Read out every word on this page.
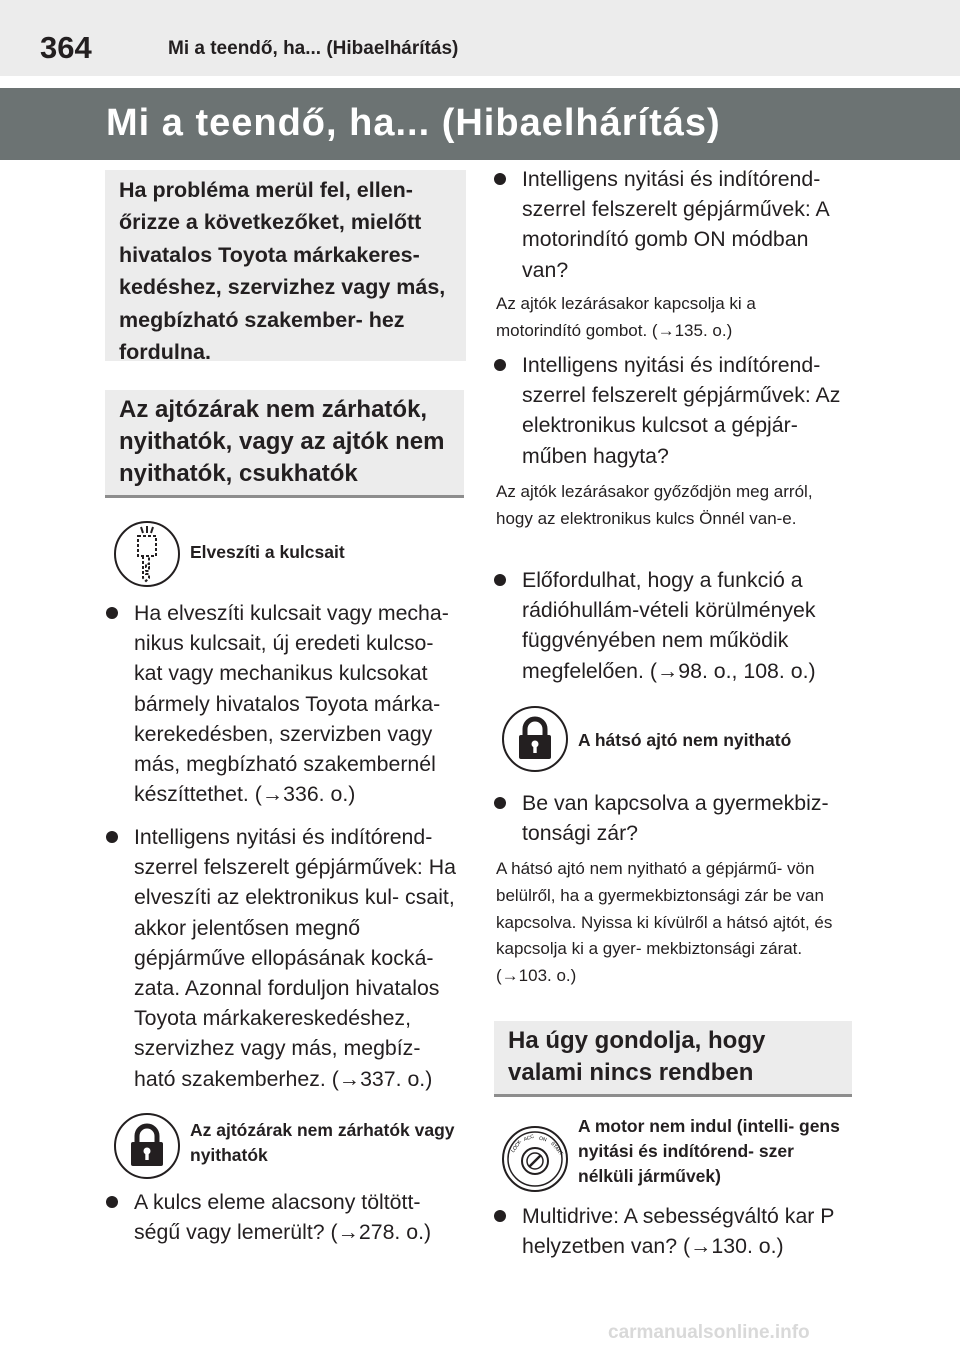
364	Mi a teendő, ha... (Hibaelhárítás)
Mi a teendő, ha... (Hibaelhárítás)

Ha probléma merül fel, ellen- őrizze a következőket, mielőtt hivatalos Toyota márkakeres- kedéshez, szervizhez vagy más, megbízható szakember- hez fordulna.

Az ajtózárak nem zárhatók, nyithatók, vagy az ajtók nem nyithatók, csukhatók
Elveszíti a kulcsait
Ha elveszíti kulcsait vagy mecha- nikus kulcsait, új eredeti kulcso- kat vagy mechanikus kulcsokat bármely hivatalos Toyota márka- kerekedésben, szervizben vagy más, megbízható szakembernél készíttethet. (→336. o.)
Intelligens nyitási és indítórend- szerrel felszerelt gépjárművek: Ha elveszíti az elektronikus kul- csait, akkor jelentősen megnő gépjárműve ellopásának kocká- zata. Azonnal forduljon hivatalos Toyota márkakereskedéshez, szervizhez vagy más, megbíz- ható szakemberhez. (→337. o.)
Az ajtózárak nem zárhatók vagy nyithatók
A kulcs eleme alacsony töltött- ségű vagy lemerült? (→278. o.)
Intelligens nyitási és indítórend- szerrel felszerelt gépjárművek: A motorindító gomb ON módban van?
Az ajtók lezárásakor kapcsolja ki a motorindító gombot. (→135. o.)
Intelligens nyitási és indítórend- szerrel felszerelt gépjárművek: Az elektronikus kulcsot a gépjár- műben hagyta?
Az ajtók lezárásakor győződjön meg arról, hogy az elektronikus kulcs Önnél van-e.
Előfordulhat, hogy a funkció a rádióhullám-vételi körülmények függvényében nem működik megfelelően. (→98. o., 108. o.)
A hátsó ajtó nem nyitható
Be van kapcsolva a gyermekbiz- tonsági zár?
A hátsó ajtó nem nyitható a gépjármű- vön belülről, ha a gyermekbiztonsági zár be van kapcsolva. Nyissa ki kívülről a hátsó ajtót, és kapcsolja ki a gyer- mekbiztonsági zárat. (→103. o.)
Ha úgy gondolja, hogy valami nincs rendben
LOCK
ACC ON
START
A motor nem indul (intelli- gens nyitási és indítórend- szer nélküli járművek)
Multidrive: A sebességváltó kar P helyzetben van? (→130. o.)
carmanualsonline.info
